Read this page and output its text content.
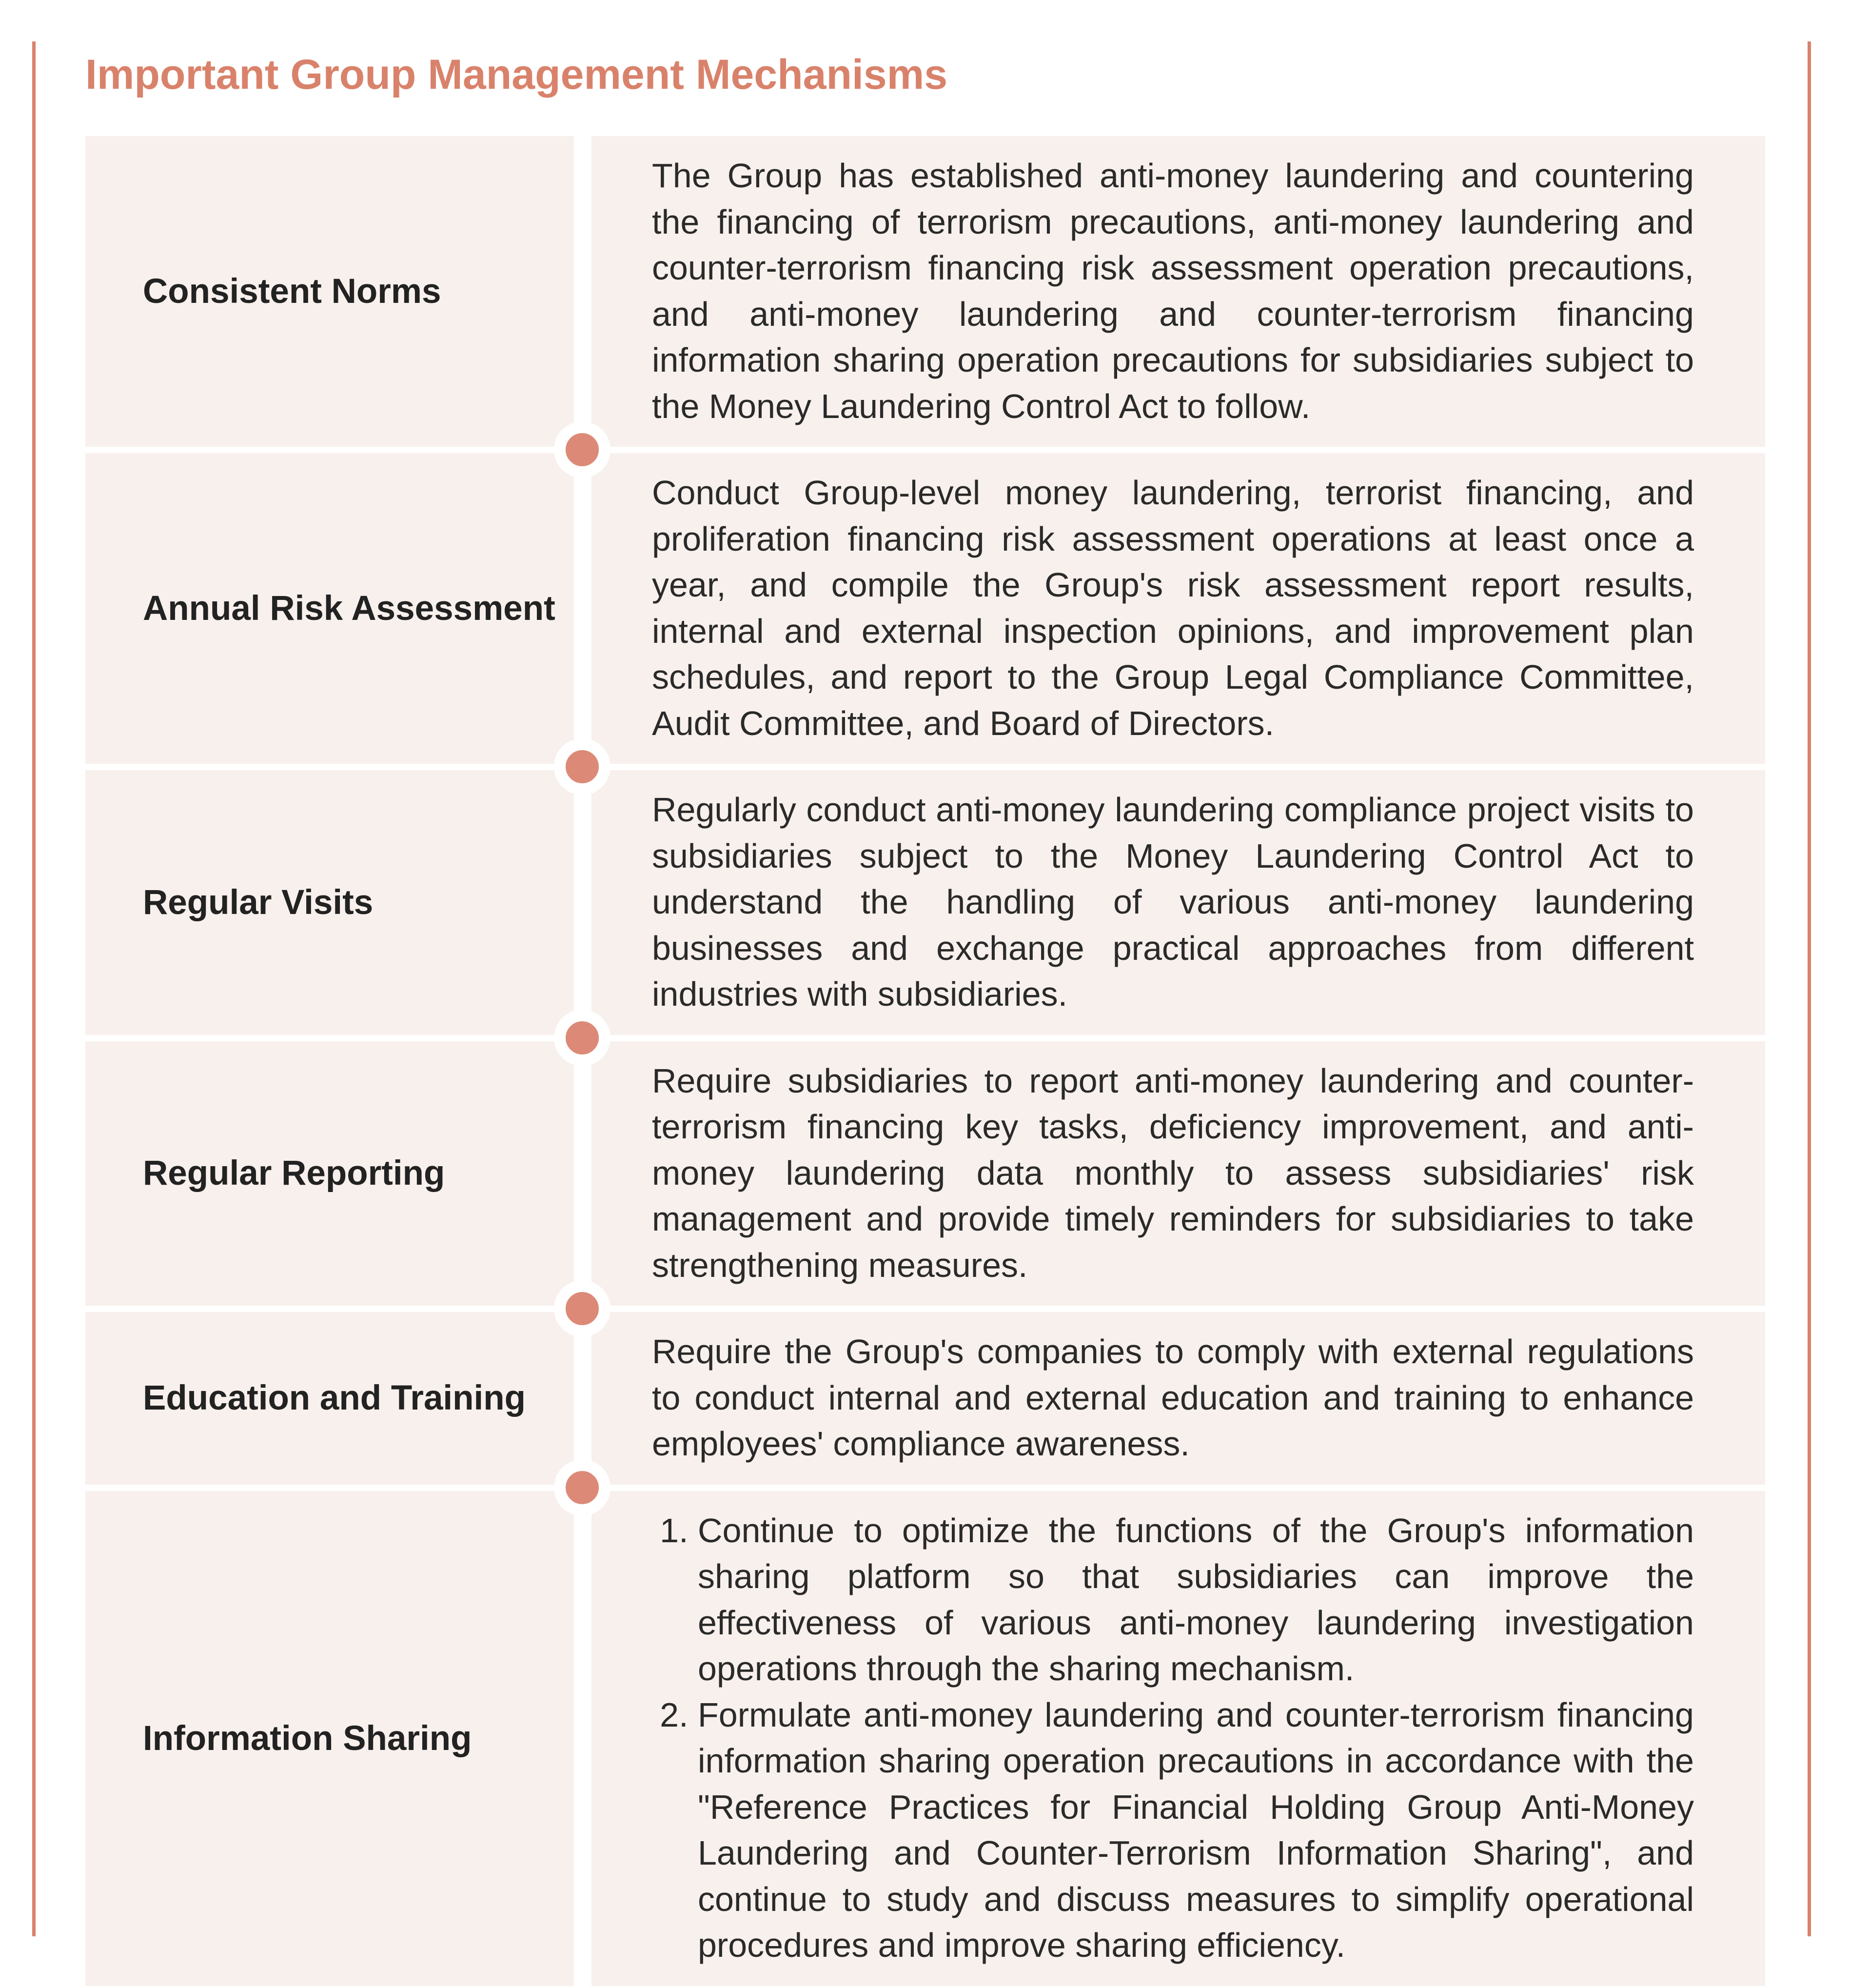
Important Group Management Mechanisms
Consistent Norms

The Group has established anti-money laundering and countering the financing of terrorism precautions, anti-money laundering and counter-terrorism financing risk assessment operation precautions, and anti-money laundering and counter-terrorism financing information sharing operation precautions for subsidiaries subject to the Money Laundering Control Act to follow.

Annual Risk Assessment

Conduct Group-level money laundering, terrorist financing, and proliferation financing risk assessment operations at least once a year, and compile the Group's risk assessment report results, internal and external inspection opinions, and improvement plan schedules, and report to the Group Legal Compliance Committee, Audit Committee, and Board of Directors.

Regular Visits

Regularly conduct anti-money laundering compliance project visits to subsidiaries subject to the Money Laundering Control Act to understand the handling of various anti-money laundering businesses and exchange practical approaches from different industries with subsidiaries.

Regular Reporting

Require subsidiaries to report anti-money laundering and counter-terrorism financing key tasks, deficiency improvement, and anti-money laundering data monthly to assess subsidiaries' risk management and provide timely reminders for subsidiaries to take strengthening measures.

Education and Training

Require the Group's companies to comply with external regulations to conduct internal and external education and training to enhance employees' compliance awareness.

Information Sharing
1. Continue to optimize the functions of the Group's information sharing platform so that subsidiaries can improve the effectiveness of various anti-money laundering investigation operations through the sharing mechanism.
2. Formulate anti-money laundering and counter-terrorism financing information sharing operation precautions in accordance with the "Reference Practices for Financial Holding Group Anti-Money Laundering and Counter-Terrorism Information Sharing", and continue to study and discuss measures to simplify operational procedures and improve sharing efficiency.
